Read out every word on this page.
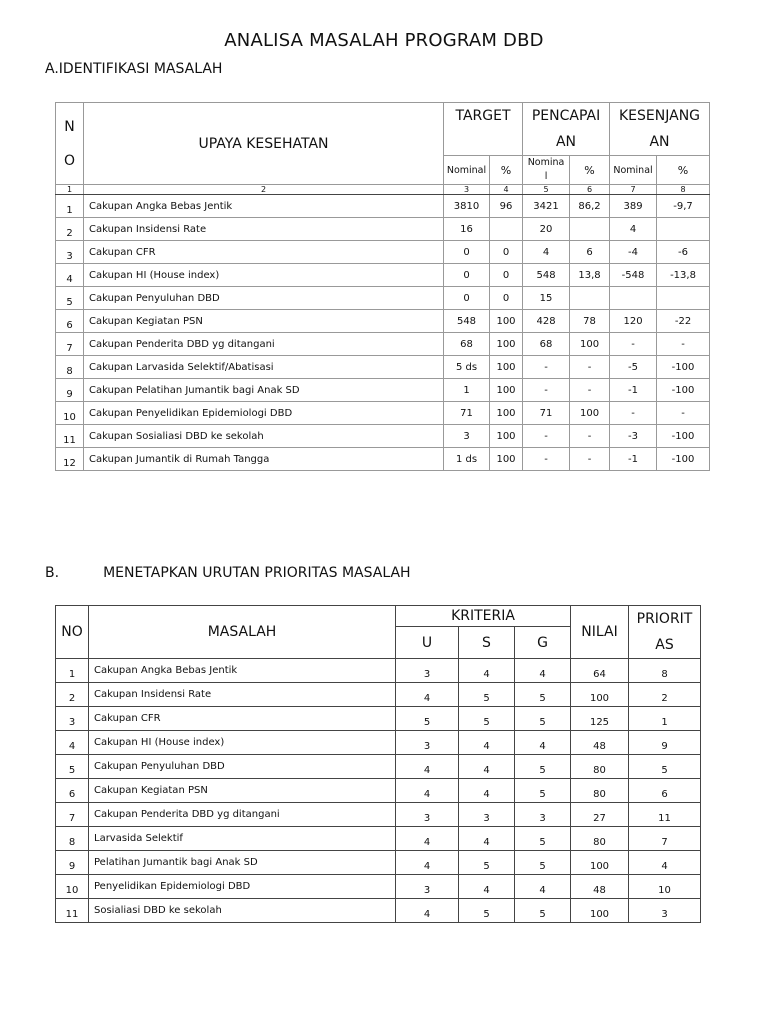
ANALISA MASALAH PROGRAM DBD
A.IDENTIFIKASI MASALAH
N O	UPAYA KESEHATAN	TARGET		PENCAPAI AN		KESENJANG AN	

		Nominal	%	Nomina l	%	Nominal	%
1	2	3	4	5	6	7	8
1	Cakupan Angka Bebas Jentik	3810	96	3421	86,2	389	-9,7
2	Cakupan Insidensi Rate	16		20		4	
3	Cakupan CFR	0	0	4	6	-4	-6
4	Cakupan HI (House index)	0	0	548	13,8	-548	-13,8
5	Cakupan Penyuluhan DBD	0	0	15			
6	Cakupan Kegiatan PSN	548	100	428	78	120	-22
7	Cakupan Penderita DBD yg ditangani	68	100	68	100	-	-
8	Cakupan Larvasida Selektif/Abatisasi	5 ds	100	-	-	-5	-100
9	Cakupan Pelatihan Jumantik bagi Anak SD	1	100	-	-	-1	-100
10	Cakupan Penyelidikan Epidemiologi DBD	71	100	71	100	-	-
11	Cakupan Sosialiasi DBD ke sekolah	3	100	-	-	-3	-100
12	Cakupan Jumantik di Rumah Tangga	1 ds	100	-	-	-1	-100
B.	MENETAPKAN URUTAN PRIORITAS MASALAH
NO	MASALAH	KRITERIA			NILAI	PRIORIT AS

		U	S	G		
1	Cakupan Angka Bebas Jentik	3	4	4	64	8
2	Cakupan Insidensi Rate	4	5	5	100	2
3	Cakupan CFR	5	5	5	125	1
4	Cakupan HI (House index)	3	4	4	48	9
5	Cakupan Penyuluhan DBD	4	4	5	80	5
6	Cakupan Kegiatan PSN	4	4	5	80	6
7	Cakupan Penderita DBD yg ditangani	3	3	3	27	11
8	Larvasida Selektif	4	4	5	80	7
9	Pelatihan Jumantik bagi Anak SD	4	5	5	100	4
10	Penyelidikan Epidemiologi DBD	3	4	4	48	10
11	Sosialiasi DBD ke sekolah	4	5	5	100	3
